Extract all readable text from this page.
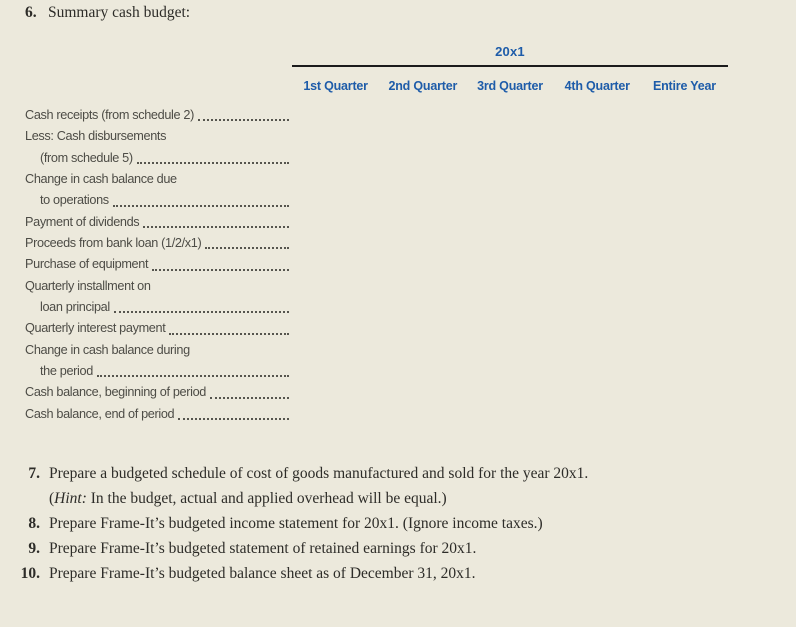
6. Summary cash budget:
20x1
1st Quarter	2nd Quarter	3rd Quarter	4th Quarter	Entire Year
Cash receipts (from schedule 2)
Less: Cash disbursements
(from schedule 5)
Change in cash balance due
to operations
Payment of dividends
Proceeds from bank loan (1/2/x1)
Purchase of equipment
Quarterly installment on
loan principal
Quarterly interest payment
Change in cash balance during
the period
Cash balance, beginning of period
Cash balance, end of period
7. Prepare a budgeted schedule of cost of goods manufactured and sold for the year 20x1.
(Hint: In the budget, actual and applied overhead will be equal.)
8. Prepare Frame-It’s budgeted income statement for 20x1. (Ignore income taxes.)
9. Prepare Frame-It’s budgeted statement of retained earnings for 20x1.
10. Prepare Frame-It’s budgeted balance sheet as of December 31, 20x1.
